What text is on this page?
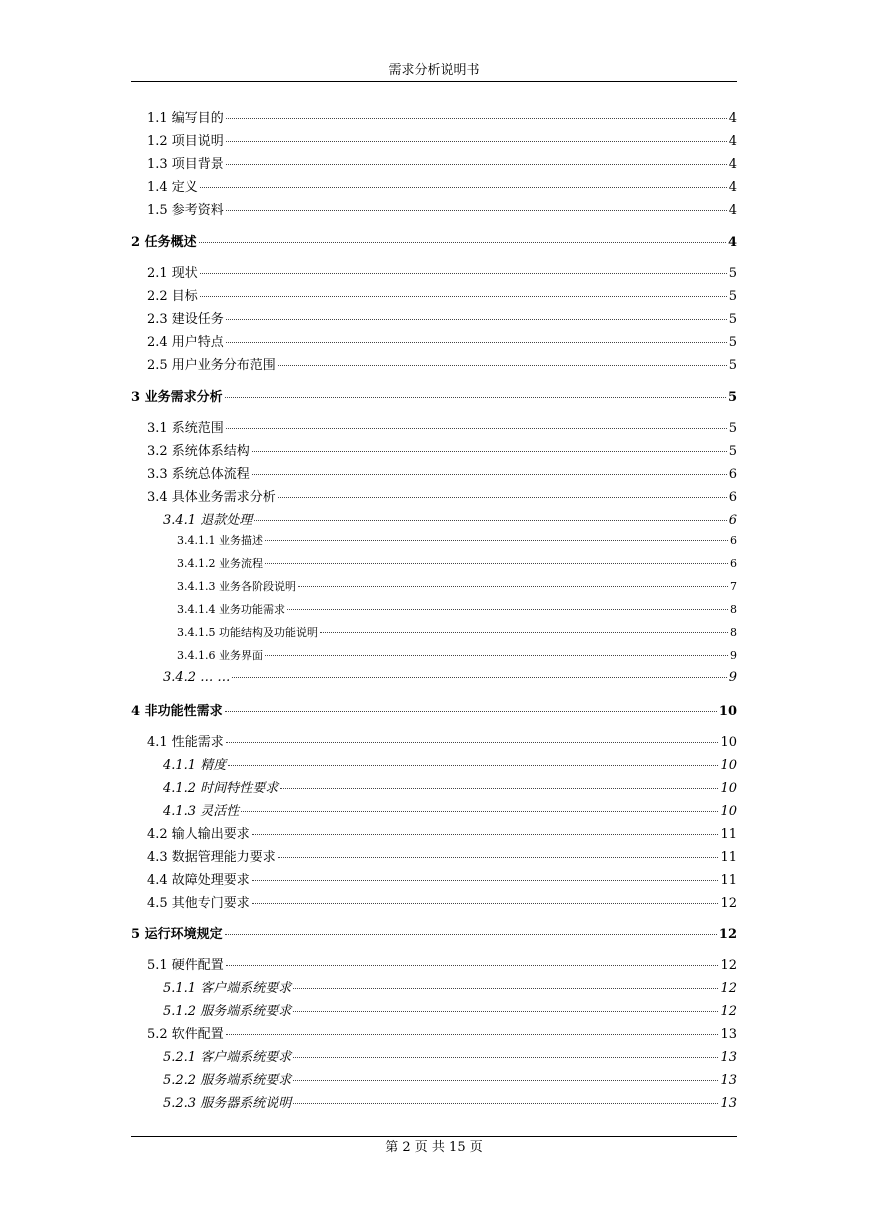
需求分析说明书
1.1 编写目的	4
1.2 项目说明	4
1.3 项目背景	4
1.4 定义	4
1.5 参考资料	4
2 任务概述	4
2.1 现状	5
2.2 目标	5
2.3 建设任务	5
2.4 用户特点	5
2.5 用户业务分布范围	5
3 业务需求分析	5
3.1 系统范围	5
3.2 系统体系结构	5
3.3 系统总体流程	6
3.4 具体业务需求分析	6
3.4.1 退款处理	6
3.4.1.1 业务描述	6
3.4.1.2 业务流程	6
3.4.1.3 业务各阶段说明	7
3.4.1.4 业务功能需求	8
3.4.1.5 功能结构及功能说明	8
3.4.1.6 业务界面	9
3.4.2 … …	9
4 非功能性需求	10
4.1 性能需求	10
4.1.1 精度	10
4.1.2 时间特性要求	10
4.1.3 灵活性	10
4.2 输人输出要求	11
4.3 数据管理能力要求	11
4.4 故障处理要求	11
4.5 其他专门要求	12
5 运行环境规定	12
5.1 硬件配置	12
5.1.1 客户端系统要求	12
5.1.2 服务端系统要求	12
5.2 软件配置	13
5.2.1 客户端系统要求	13
5.2.2 服务端系统要求	13
5.2.3 服务器系统说明	13
第 2 页 共 15 页
